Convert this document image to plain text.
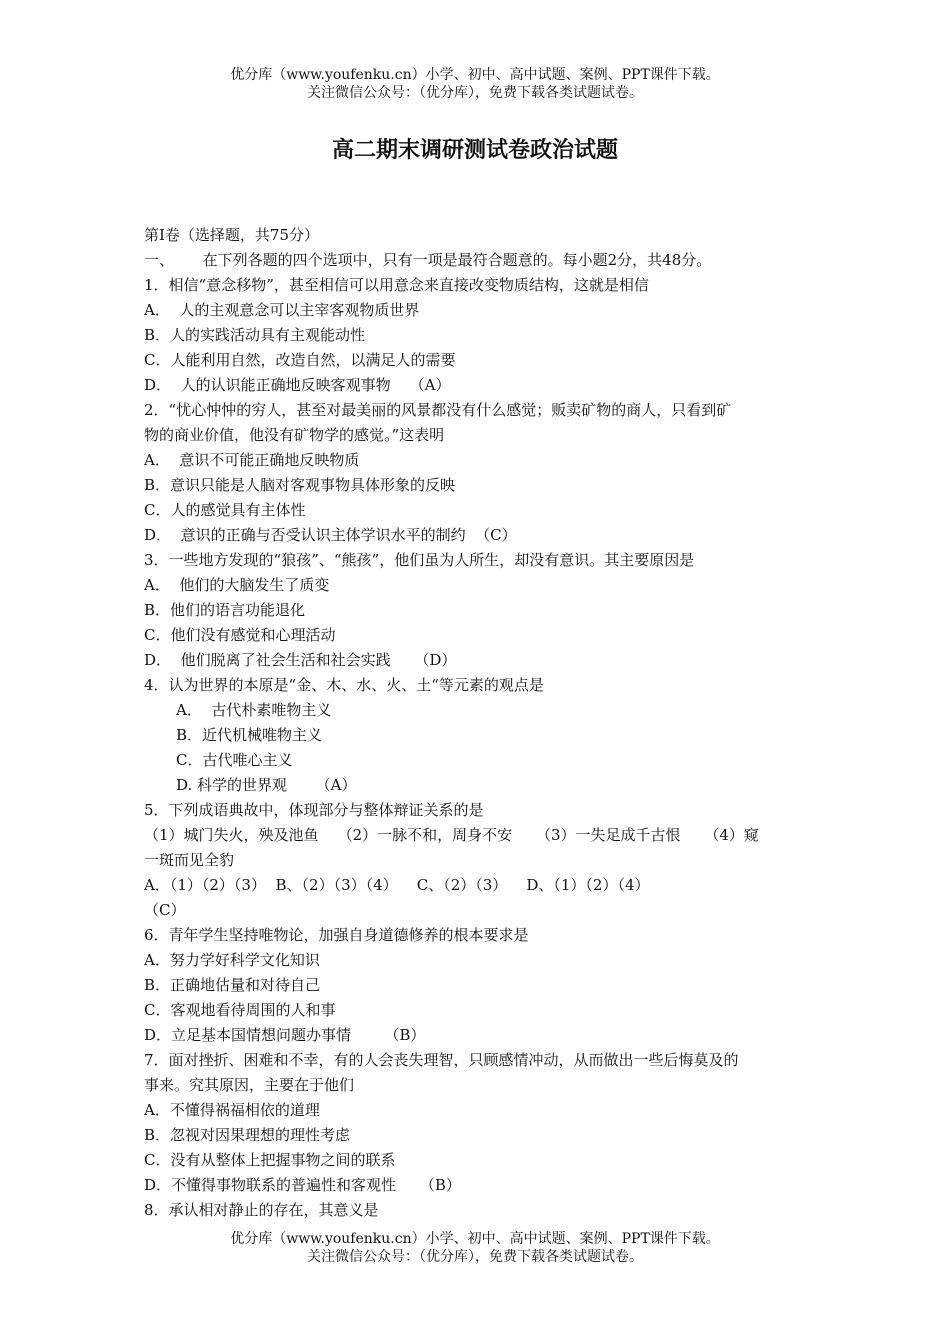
优分库（www.youfenku.cn）小学、初中、高中试题、案例、PPT课件下载。
关注微信公众号：（优分库），免费下载各类试题试卷。
高二期末调研测试卷政治试题
第I卷（选择题，共75分）
一、      在下列各题的四个选项中，只有一项是最符合题意的。每小题2分，共48分。
1．相信“意念移物”，甚至相信可以用意念来直接改变物质结构，这就是相信
A．  人的主观意念可以主宰客观物质世界
B．人的实践活动具有主观能动性
C．人能利用自然，改造自然，以满足人的需要
D．  人的认识能正确地反映客观事物    （A）
2．“忧心忡忡的穷人，甚至对最美丽的风景都没有什么感觉；贩卖矿物的商人，只看到矿
物的商业价值，他没有矿物学的感觉。”这表明
A．  意识不可能正确地反映物质
B．意识只能是人脑对客观事物具体形象的反映
C．人的感觉具有主体性
D．  意识的正确与否受认识主体学识水平的制约  （C）
3．一些地方发现的“狼孩”、“熊孩”，他们虽为人所生，却没有意识。其主要原因是
A．  他们的大脑发生了质变
B．他们的语言功能退化
C．他们没有感觉和心理活动
D．  他们脱离了社会生活和社会实践     （D）
4．认为世界的本原是“金、木、水、火、土“等元素的观点是
A．  古代朴素唯物主义
B．近代机械唯物主义
C．古代唯心主义
D. 科学的世界观      （A）
5．下列成语典故中，体现部分与整体辩证关系的是
（1）城门失火，殃及池鱼    （2）一脉不和，周身不安     （3）一失足成千古恨     （4）窥
一斑而见全豹
A．（1）（2）（3）  B、（2）（3）（4）    C、（2）（3）    D、（1）（2）（4）
（C）
6．青年学生坚持唯物论，加强自身道德修养的根本要求是
A．努力学好科学文化知识
B．正确地估量和对待自己
C．客观地看待周围的人和事
D．立足基本国情想问题办事情       （B）
7．面对挫折、困难和不幸，有的人会丧失理智，只顾感情冲动，从而做出一些后悔莫及的
事来。究其原因，主要在于他们
A．不懂得祸福相依的道理
B．忽视对因果理想的理性考虑
C．没有从整体上把握事物之间的联系
D．不懂得事物联系的普遍性和客观性     （B）
8．承认相对静止的存在，其意义是
优分库（www.youfenku.cn）小学、初中、高中试题、案例、PPT课件下载。
关注微信公众号：（优分库），免费下载各类试题试卷。
